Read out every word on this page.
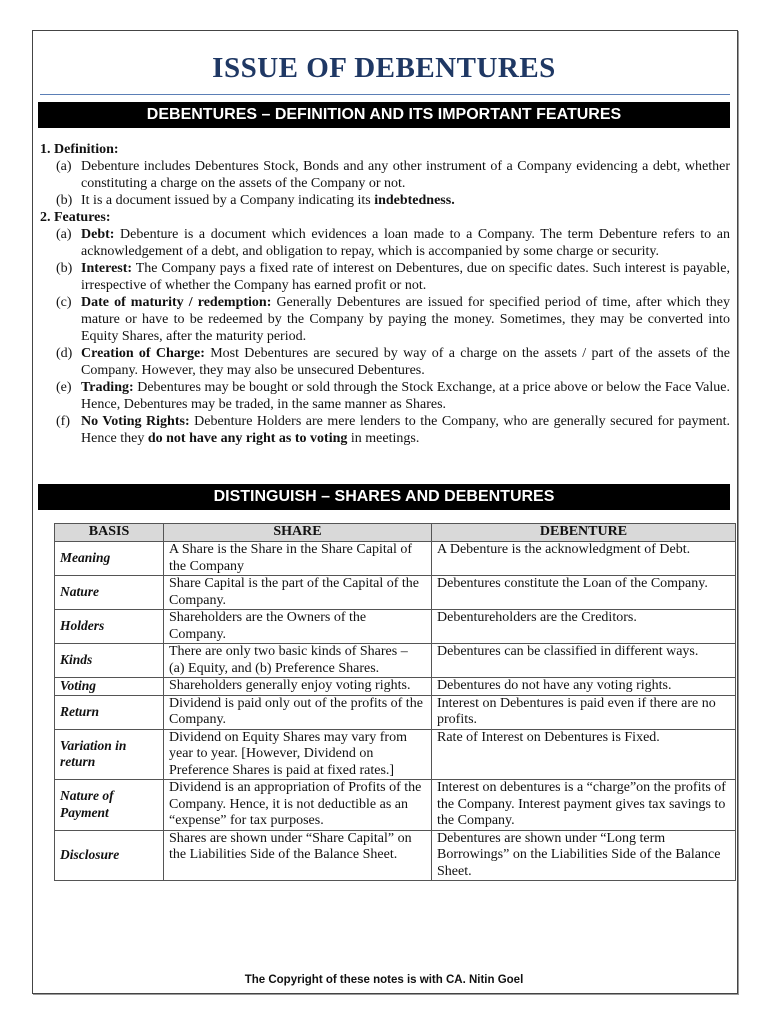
ISSUE OF DEBENTURES
DEBENTURES – DEFINITION AND ITS IMPORTANT FEATURES
1. Definition:
(a) Debenture includes Debentures Stock, Bonds and any other instrument of a Company evidencing a debt, whether constituting a charge on the assets of the Company or not.
(b) It is a document issued by a Company indicating its indebtedness.
2. Features:
(a) Debt: Debenture is a document which evidences a loan made to a Company. The term Debenture refers to an acknowledgement of a debt, and obligation to repay, which is accompanied by some charge or security.
(b) Interest: The Company pays a fixed rate of interest on Debentures, due on specific dates. Such interest is payable, irrespective of whether the Company has earned profit or not.
(c) Date of maturity / redemption: Generally Debentures are issued for specified period of time, after which they mature or have to be redeemed by the Company by paying the money. Sometimes, they may be converted into Equity Shares, after the maturity period.
(d) Creation of Charge: Most Debentures are secured by way of a charge on the assets / part of the assets of the Company. However, they may also be unsecured Debentures.
(e) Trading: Debentures may be bought or sold through the Stock Exchange, at a price above or below the Face Value. Hence, Debentures may be traded, in the same manner as Shares.
(f) No Voting Rights: Debenture Holders are mere lenders to the Company, who are generally secured for payment. Hence they do not have any right as to voting in meetings.
DISTINGUISH – SHARES AND DEBENTURES
BASIS	SHARE	DEBENTURE
Meaning	A Share is the Share in the Share Capital of the Company	A Debenture is the acknowledgment of Debt.
Nature	Share Capital is the part of the Capital of the Company.	Debentures constitute the Loan of the Company.
Holders	Shareholders are the Owners of the Company.	Debentureholders are the Creditors.
Kinds	There are only two basic kinds of Shares – (a) Equity, and (b) Preference Shares.	Debentures can be classified in different ways.
Voting	Shareholders generally enjoy voting rights.	Debentures do not have any voting rights.
Return	Dividend is paid only out of the profits of the Company.	Interest on Debentures is paid even if there are no profits.
Variation in return	Dividend on Equity Shares may vary from year to year. [However, Dividend on Preference Shares is paid at fixed rates.]	Rate of Interest on Debentures is Fixed.
Nature of Payment	Dividend is an appropriation of Profits of the Company. Hence, it is not deductible as an “expense” for tax purposes.	Interest on debentures is a “charge”on the profits of the Company. Interest payment gives tax savings to the Company.
Disclosure	Shares are shown under “Share Capital” on the Liabilities Side of the Balance Sheet.	Debentures are shown under “Long term Borrowings” on the Liabilities Side of the Balance Sheet.
The Copyright of these notes is with CA. Nitin Goel
